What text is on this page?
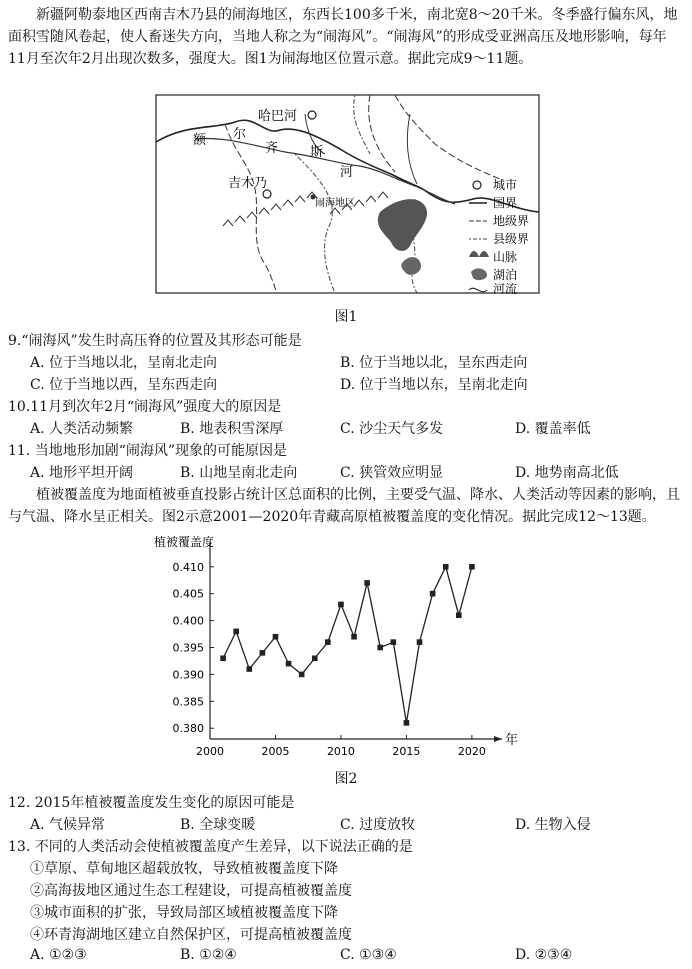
新疆阿勒泰地区西南吉木乃县的闹海地区，东西长100多千米，南北宽8～20千米。冬季盛行偏东风，地面积雪随风卷起，使人畜迷失方向，当地人称之为“闹海风”。“闹海风”的形成受亚洲高压及地形影响，每年11月至次年2月出现次数多，强度大。图1为闹海地区位置示意。据此完成9～11题。

哈巴河
吉木乃
闹海地区
额 尔
齐 斯
河
城市
国界
地级界
县级界
山脉
湖泊
河流
图1

9.“闹海风”发生时高压脊的位置及其形态可能是

A. 位于当地以北，呈南北走向	B. 位于当地以北，呈东西走向
C. 位于当地以西，呈东西走向	D. 位于当地以东，呈南北走向

10.11月到次年2月“闹海风”强度大的原因是

A. 人类活动频繁	B. 地表积雪深厚	C. 沙尘天气多发	D. 覆盖率低

11. 当地地形加剧“闹海风”现象的可能原因是

A. 地形平坦开阔	B. 山地呈南北走向	C. 狭管效应明显	D. 地势南高北低

植被覆盖度为地面植被垂直投影占统计区总面积的比例，主要受气温、降水、人类活动等因素的影响，且与气温、降水呈正相关。图2示意2001—2020年青藏高原植被覆盖度的变化情况。据此完成12～13题。

植被覆盖度
年
0.380
0.385
0.390
0.395
0.400
0.405
0.410
2000	2005	2010	2015	2020
图2

12. 2015年植被覆盖度发生变化的原因可能是

A. 气候异常	B. 全球变暖	C. 过度放牧	D. 生物入侵

13. 不同的人类活动会使植被覆盖度产生差异，以下说法正确的是

①草原、草甸地区超载放牧，导致植被覆盖度下降
②高海拔地区通过生态工程建设，可提高植被覆盖度
③城市面积的扩张，导致局部区域植被覆盖度下降
④环青海湖地区建立自然保护区，可提高植被覆盖度
A. ①②③	B. ①②④	C. ①③④	D. ②③④
